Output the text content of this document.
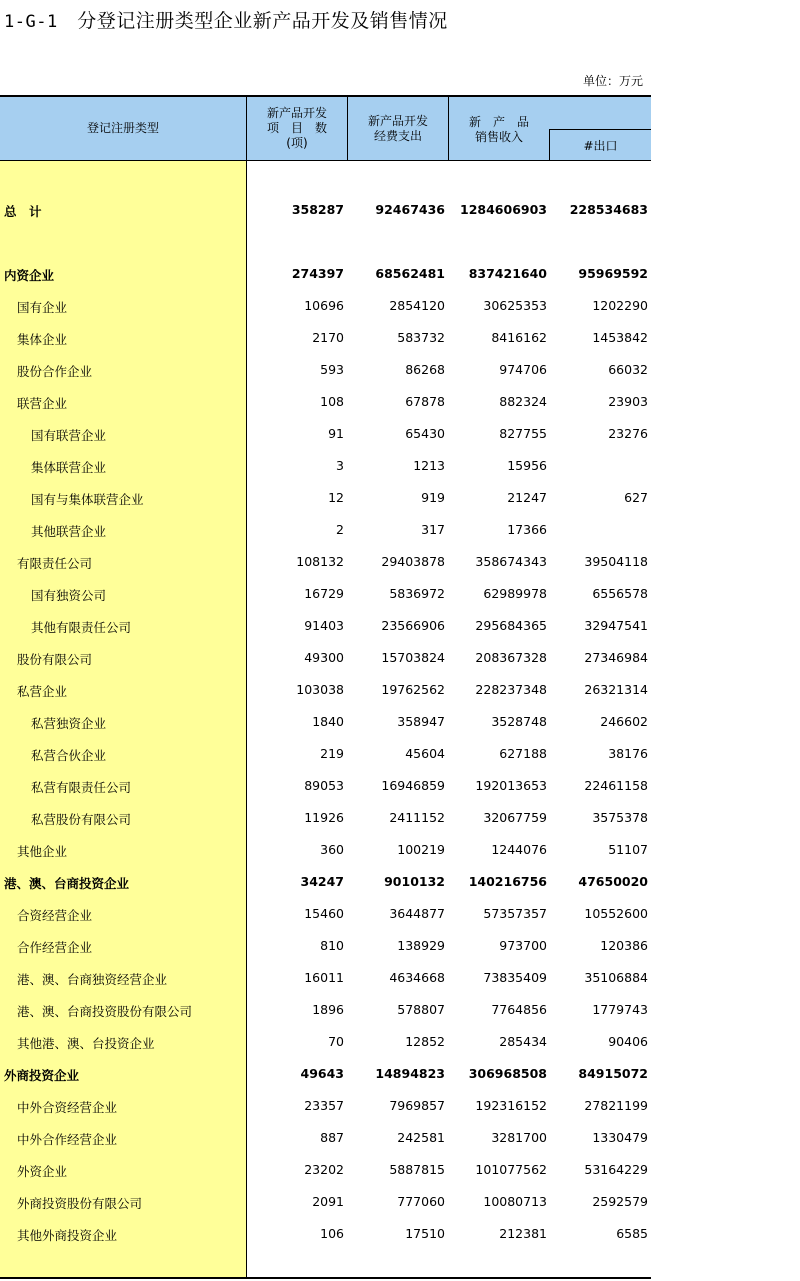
1-G-1　 分登记注册类型企业新产品开发及销售情况
单位：万元
登记注册类型
新产品开发
项　目　数
(项)
新产品开发
经费支出
新　产　品
销售收入
#出口
总　计	358287	92467436	1284606903	228534683
内资企业	274397	68562481	837421640	95969592
国有企业	10696	2854120	30625353	1202290
集体企业	2170	583732	8416162	1453842
股份合作企业	593	86268	974706	66032
联营企业	108	67878	882324	23903
国有联营企业	91	65430	827755	23276
集体联营企业	3	1213	15956
国有与集体联营企业	12	919	21247	627
其他联营企业	2	317	17366
有限责任公司	108132	29403878	358674343	39504118
国有独资公司	16729	5836972	62989978	6556578
其他有限责任公司	91403	23566906	295684365	32947541
股份有限公司	49300	15703824	208367328	27346984
私营企业	103038	19762562	228237348	26321314
私营独资企业	1840	358947	3528748	246602
私营合伙企业	219	45604	627188	38176
私营有限责任公司	89053	16946859	192013653	22461158
私营股份有限公司	11926	2411152	32067759	3575378
其他企业	360	100219	1244076	51107
港、澳、台商投资企业	34247	9010132	140216756	47650020
合资经营企业	15460	3644877	57357357	10552600
合作经营企业	810	138929	973700	120386
港、澳、台商独资经营企业	16011	4634668	73835409	35106884
港、澳、台商投资股份有限公司	1896	578807	7764856	1779743
其他港、澳、台投资企业	70	12852	285434	90406
外商投资企业	49643	14894823	306968508	84915072
中外合资经营企业	23357	7969857	192316152	27821199
中外合作经营企业	887	242581	3281700	1330479
外资企业	23202	5887815	101077562	53164229
外商投资股份有限公司	2091	777060	10080713	2592579
其他外商投资企业	106	17510	212381	6585
